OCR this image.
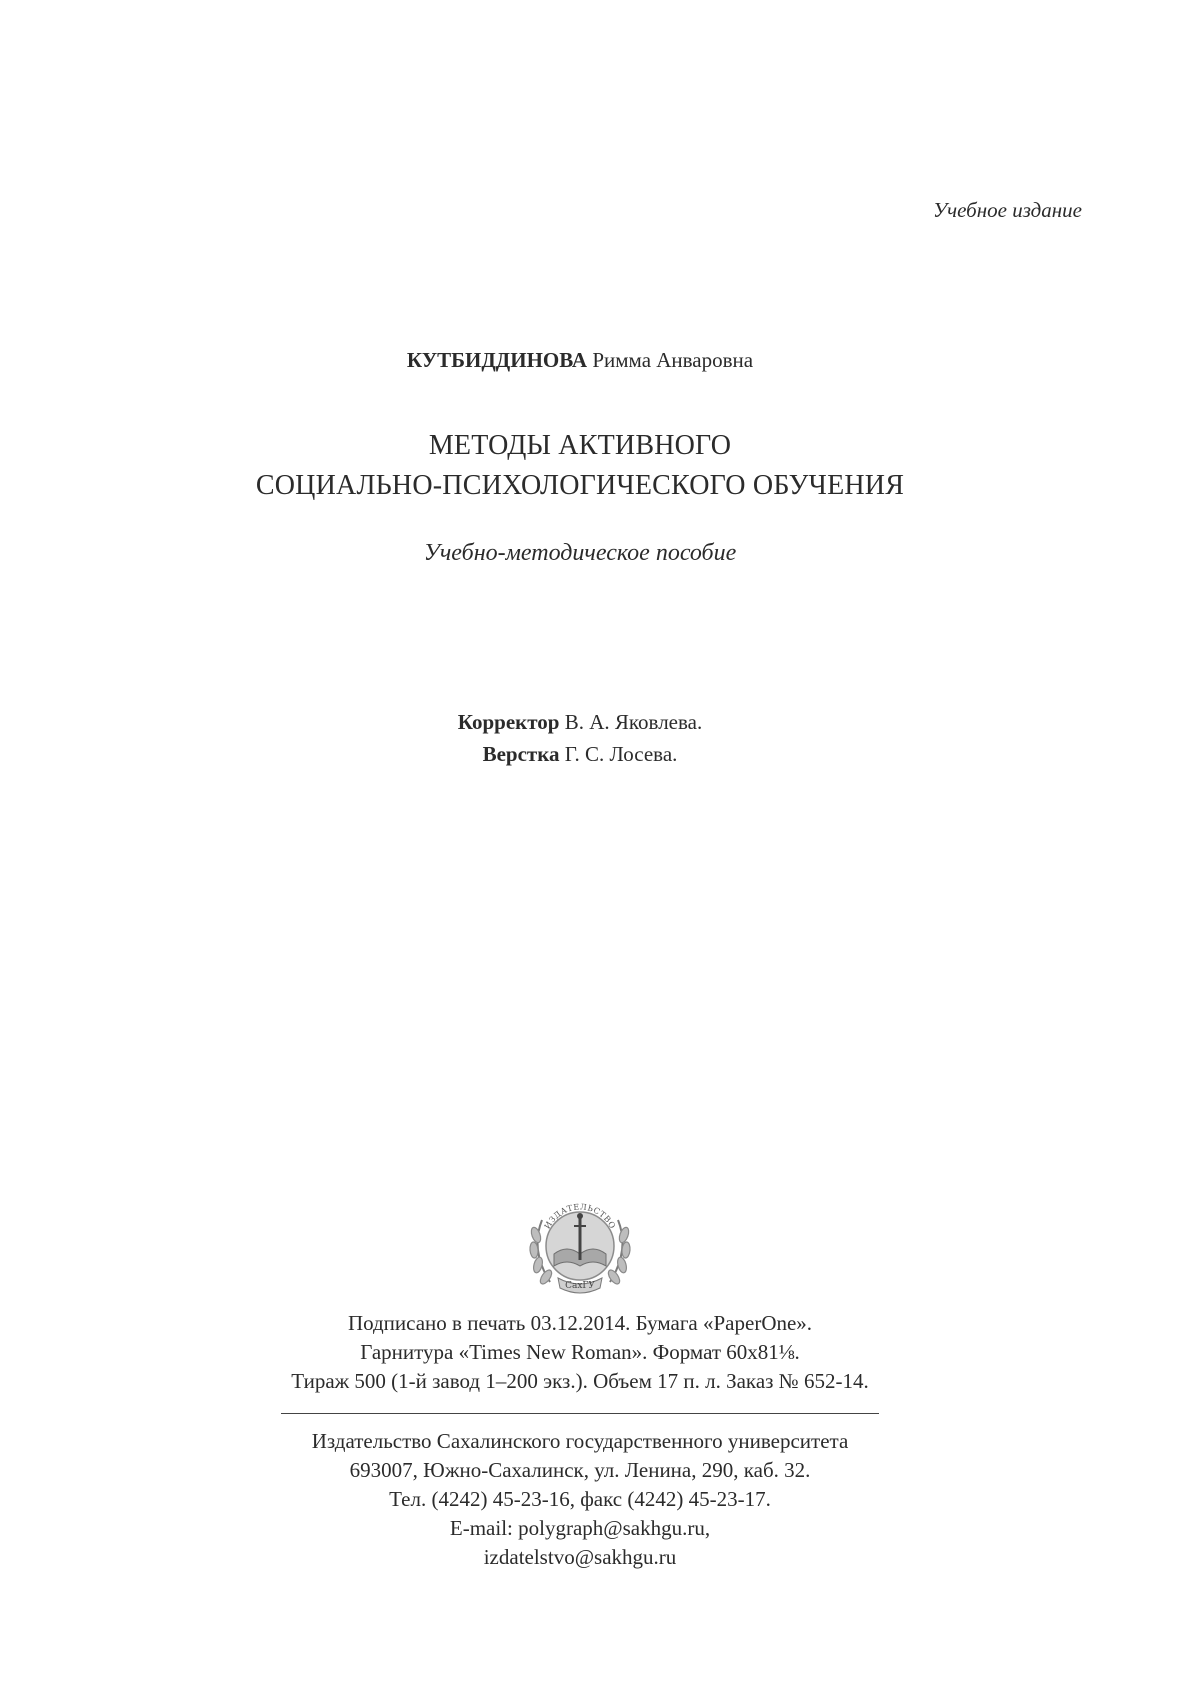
Учебное издание
КУТБИДДИНОВА Римма Анваровна
МЕТОДЫ АКТИВНОГО
СОЦИАЛЬНО-ПСИХОЛОГИЧЕСКОГО ОБУЧЕНИЯ
Учебно-методическое пособие
Корректор В. А. Яковлева.
Верстка Г. С. Лосева.
ИЗДАТЕЛЬСТВО
СахГУ
Подписано в печать 03.12.2014. Бумага «PaperOne».
Гарнитура «Times New Roman». Формат 60x81⅛.
Тираж 500 (1-й завод 1–200 экз.). Объем 17 п. л. Заказ № 652-14.
Издательство Сахалинского государственного университета
693007, Южно-Сахалинск, ул. Ленина, 290, каб. 32.
Тел. (4242) 45-23-16, факс (4242) 45-23-17.
E-mail: polygraph@sakhgu.ru,
izdatelstvo@sakhgu.ru
